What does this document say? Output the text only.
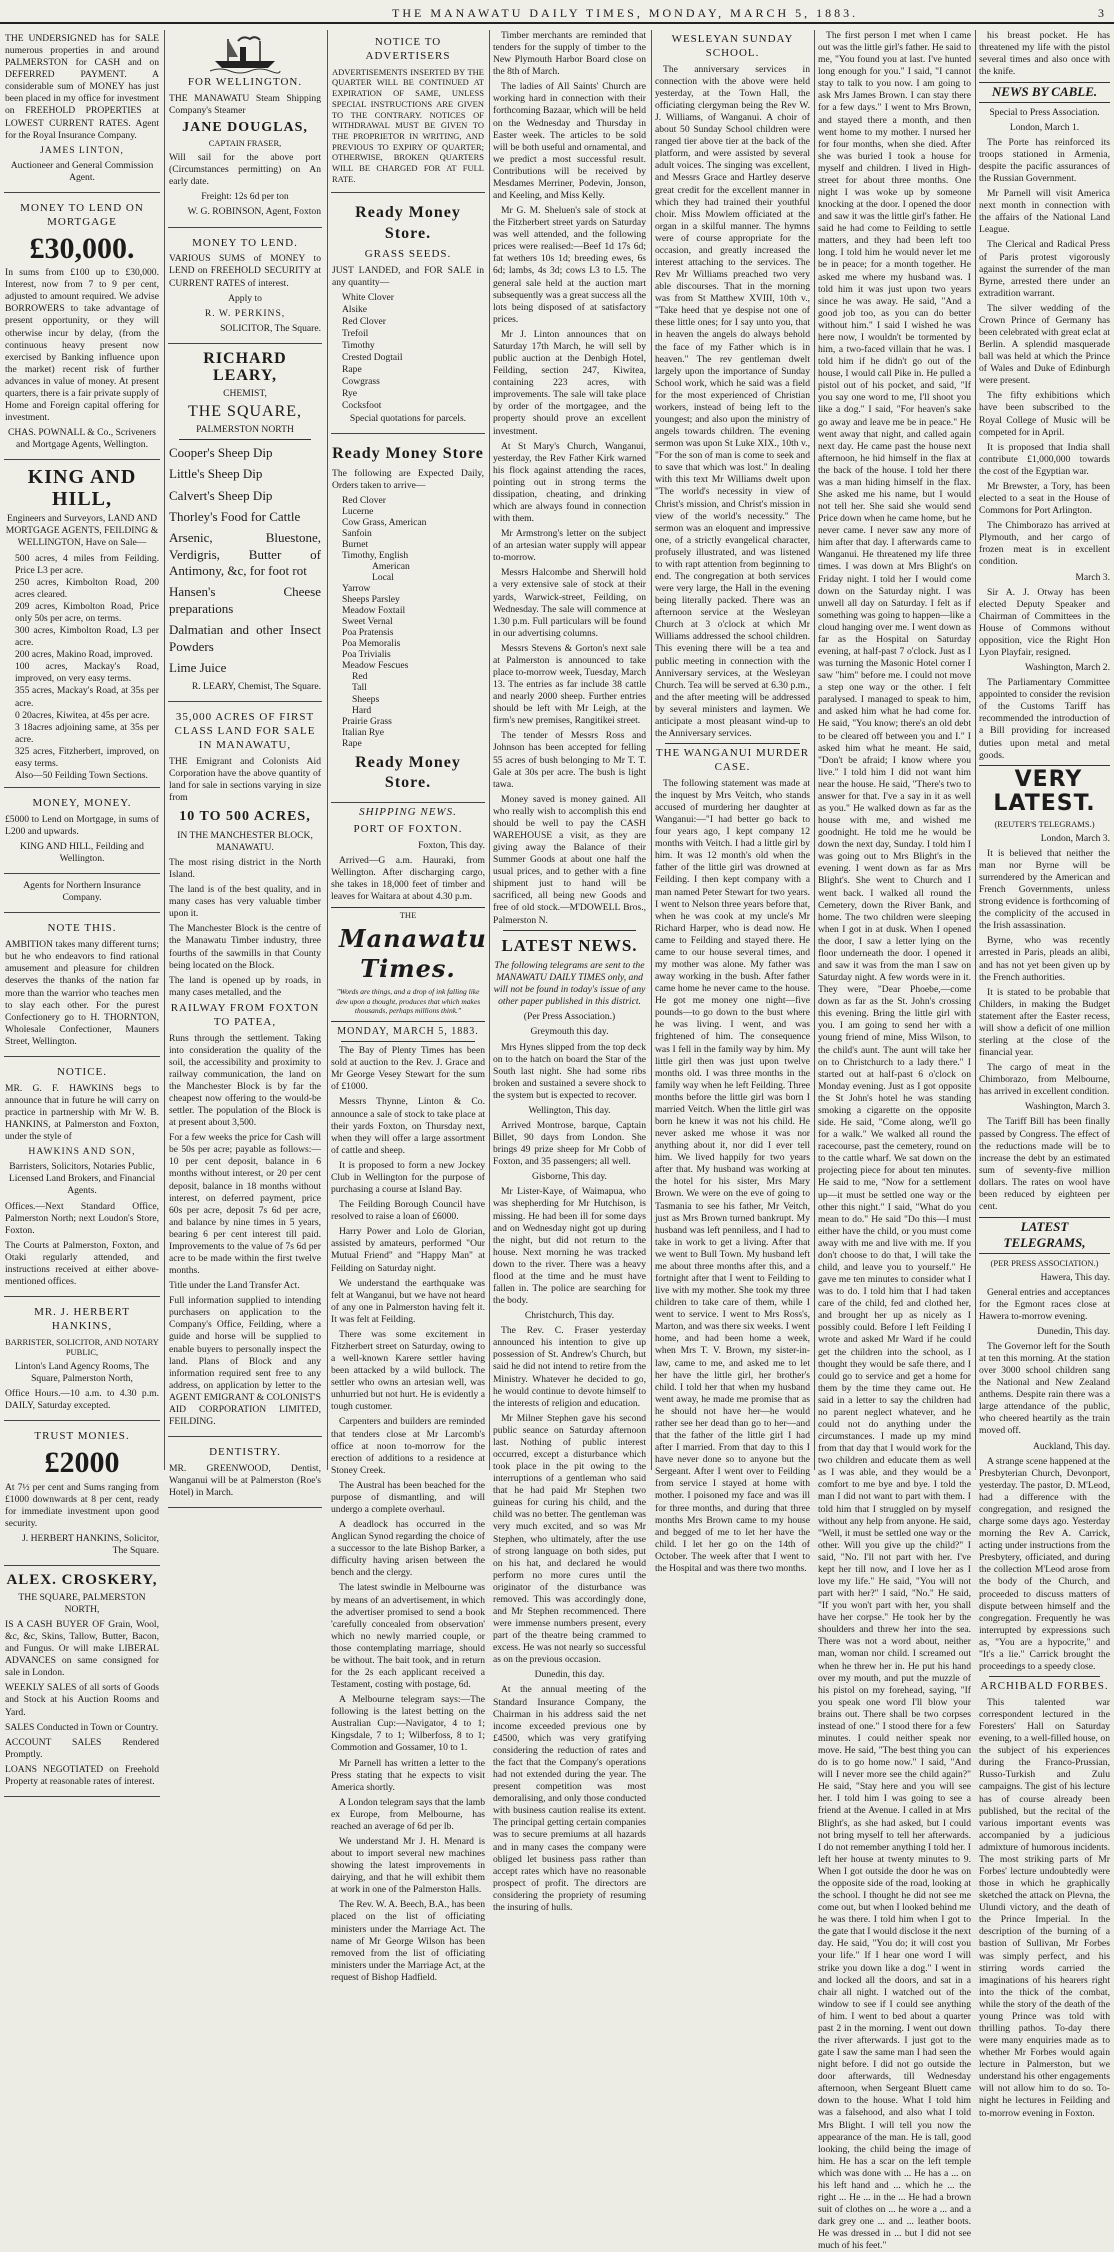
THE MANAWATU DAILY TIMES, MONDAY, MARCH 5, 1883.	3

THE UNDERSIGNED has for SALE numerous properties in and around PALMERSTON for CASH and on DEFERRED PAYMENT. A considerable sum of MONEY has just been placed in my office for investment on FREEHOLD PROPERTIES at LOWEST CURRENT RATES. Agent for the Royal Insurance Company.

JAMES LINTON,

Auctioneer and General Commission Agent.

MONEY TO LEND ON MORTGAGE

£30,000.

In sums from £100 up to £30,000. Interest, now from 7 to 9 per cent, adjusted to amount required. We advise BORROWERS to take advantage of present opportunity, or they will otherwise incur by delay, (from the continuous heavy present now exercised by Banking influence upon the market) recent risk of further advances in value of money. At present quarters, there is a fair private supply of Home and Foreign capital offering for investment.

CHAS. POWNALL & Co., Scriveners and Mortgage Agents, Wellington.

KING AND HILL,

Engineers and Surveyors, LAND AND MORTGAGE AGENTS, FEILDING & WELLINGTON, Have on Sale—

500 acres, 4 miles from Feilding. Price L3 per acre.
250 acres, Kimbolton Road, 200 acres cleared.
209 acres, Kimbolton Road, Price only 50s per acre, on terms.
300 acres, Kimbolton Road, L3 per acre.
200 acres, Makino Road, improved.
100 acres, Mackay's Road, improved, on very easy terms.
355 acres, Mackay's Road, at 35s per acre.
0 20acres, Kiwitea, at 45s per acre.
3 18acres adjoining same, at 35s per acre.
325 acres, Fitzherbert, improved, on easy terms.
Also—50 Feilding Town Sections.

MONEY, MONEY.

£5000 to Lend on Mortgage, in sums of L200 and upwards.

KING AND HILL, Feilding and Wellington.

Agents for Northern Insurance Company.

NOTE THIS.

AMBITION takes many different turns; but he who endeavors to find rational amusement and pleasure for children deserves the thanks of the nation far more than the warrior who teaches men to slay each other. For the purest Confectionery go to H. THORNTON, Wholesale Confectioner, Mauners Street, Wellington.

NOTICE.

MR. G. F. HAWKINS begs to announce that in future he will carry on practice in partnership with Mr W. B. HANKINS, at Palmerston and Foxton, under the style of

HAWKINS AND SON,

Barristers, Solicitors, Notaries Public, Licensed Land Brokers, and Financial Agents.

Offices.—Next Standard Office, Palmerston North; next Loudon's Store, Foxton.

The Courts at Palmerston, Foxton, and Otaki regularly attended, and instructions received at either above-mentioned offices.

MR. J. HERBERT HANKINS,

BARRISTER, SOLICITOR, AND NOTARY PUBLIC,

Linton's Land Agency Rooms, The Square, Palmerston North,

Office Hours.—10 a.m. to 4.30 p.m. DAILY, Saturday excepted.

TRUST MONIES.

£2000

At 7½ per cent and Sums ranging from £1000 downwards at 8 per cent, ready for immediate investment upon good security.

J. HERBERT HANKINS, Solicitor, The Square.

ALEX. CROSKERY,

THE SQUARE, PALMERSTON NORTH,

IS A CASH BUYER OF Grain, Wool, &c, &c, Skins, Tallow, Butter, Bacon, and Fungus. Or will make LIBERAL ADVANCES on same consigned for sale in London.

WEEKLY SALES of all sorts of Goods and Stock at his Auction Rooms and Yard.

SALES Conducted in Town or Country.

ACCOUNT SALES Rendered Promptly.

LOANS NEGOTIATED on Freehold Property at reasonable rates of interest.

FOR WELLINGTON.

THE MANAWATU Steam Shipping Company's Steamer

JANE DOUGLAS,

CAPTAIN FRASER,

Will sail for the above port (Circumstances permitting) on An early date.

Freight: 12s 6d per ton

W. G. ROBINSON, Agent, Foxton

MONEY TO LEND.

VARIOUS SUMS of MONEY to LEND on FREEHOLD SECURITY at CURRENT RATES of interest.

Apply to

R. W. PERKINS,

SOLICITOR, The Square.

RICHARD LEARY,

CHEMIST,

THE SQUARE,

PALMERSTON NORTH

Cooper's Sheep Dip

Little's Sheep Dip

Calvert's Sheep Dip

Thorley's Food for Cattle

Arsenic, Bluestone, Verdigris, Butter of Antimony, &c, for foot rot

Hansen's Cheese preparations

Dalmatian and other Insect Powders

Lime Juice

R. LEARY, Chemist, The Square.

35,000 ACRES OF FIRST CLASS LAND FOR SALE IN MANAWATU,

THE Emigrant and Colonists Aid Corporation have the above quantity of land for sale in sections varying in size from

10 TO 500 ACRES,

IN THE MANCHESTER BLOCK, MANAWATU.

The most rising district in the North Island.

The land is of the best quality, and in many cases has very valuable timber upon it.

The Manchester Block is the centre of the Manawatu Timber industry, three fourths of the sawmills in that County being located on the Block.

The land is opened up by roads, in many cases metalled, and the

RAILWAY FROM FOXTON TO PATEA,

Runs through the settlement. Taking into consideration the quality of the soil, the accessibility and proximity to railway communication, the land on the Manchester Block is by far the cheapest now offering to the would-be settler. The population of the Block is at present about 3,500.

For a few weeks the price for Cash will be 50s per acre; payable as follows:—10 per cent deposit, balance in 6 months without interest, or 20 per cent deposit, balance in 18 months without interest, on deferred payment, price 60s per acre, deposit 7s 6d per acre, and balance by nine times in 5 years, bearing 6 per cent interest till paid. Improvements to the value of 7s 6d per acre to be made within the first twelve months.

Title under the Land Transfer Act.

Full information supplied to intending purchasers on application to the Company's Office, Feilding, where a guide and horse will be supplied to enable buyers to personally inspect the land. Plans of Block and any information required sent free to any address, on application by letter to the AGENT EMIGRANT & COLONIST'S AID CORPORATION LIMITED, FEILDING.

DENTISTRY.

MR. GREENWOOD, Dentist, Wanganui will be at Palmerston (Roe's Hotel) in March.

NOTICE TO ADVERTISERS

ADVERTISEMENTS INSERTED BY THE QUARTER WILL BE CONTINUED AT EXPIRATION OF SAME, UNLESS SPECIAL INSTRUCTIONS ARE GIVEN TO THE CONTRARY. NOTICES OF WITHDRAWAL MUST BE GIVEN TO THE PROPRIETOR IN WRITING, AND PREVIOUS TO EXPIRY OF QUARTER; OTHERWISE, BROKEN QUARTERS WILL BE CHARGED FOR AT FULL RATE.

Ready Money Store.

GRASS SEEDS.

JUST LANDED, and FOR SALE in any quantity—

White Clover
Alsike
Red Clover
Trefoil
Timothy
Crested Dogtail
Rape
Cowgrass
Rye
Cocksfoot

Special quotations for parcels.

Ready Money Store

The following are Expected Daily, Orders taken to arrive—

Red Clover
Lucerne
Cow Grass, American
Sanfoin
Burnet
Timothy, English
American
Local
Yarrow
Sheeps Parsley
Meadow Foxtail
Sweet Vernal
Poa Pratensis
Poa Memoralis
Poa Trivialis
Meadow Fescues
Red
Tall
Sheeps
Hard
Prairie Grass
Italian Rye
Rape

Ready Money Store.

SHIPPING NEWS.

PORT OF FOXTON.

Foxton, This day.

Arrived—G a.m. Hauraki, from Wellington. After discharging cargo, she takes in 18,000 feet of timber and leaves for Waitara at about 4.30 p.m.

THE

Manawatu Times.

"Words are things, and a drop of ink falling like dew upon a thought, produces that which makes thousands, perhaps millions think."

MONDAY, MARCH 5, 1883.

The Bay of Plenty Times has been sold at auction to the Rev. J. Grace and Mr George Vesey Stewart for the sum of £1000.

Messrs Thynne, Linton & Co. announce a sale of stock to take place at their yards Foxton, on Thursday next, when they will offer a large assortment of cattle and sheep.

It is proposed to form a new Jockey Club in Wellington for the purpose of purchasing a course at Island Bay.

The Feilding Borough Council have resolved to raise a loan of £6000.

Harry Power and Lolo de Glorian, assisted by amateurs, performed "Our Mutual Friend" and "Happy Man" at Feilding on Saturday night.

We understand the earthquake was felt at Wanganui, but we have not heard of any one in Palmerston having felt it. It was felt at Feilding.

There was some excitement in Fitzherbert street on Saturday, owing to a well-known Karere settler having been attacked by a wild bullock. The settler who owns an artesian well, was unhurried but not hurt. He is evidently a tough customer.

Carpenters and builders are reminded that tenders close at Mr Larcomb's office at noon to-morrow for the erection of additions to a residence at Stoney Creek.

The Austral has been beached for the purpose of dismantling, and will undergo a complete overhaul.

A deadlock has occurred in the Anglican Synod regarding the choice of a successor to the late Bishop Barker, a difficulty having arisen between the bench and the clergy.

The latest swindle in Melbourne was by means of an advertisement, in which the advertiser promised to send a book 'carefully concealed from observation' which no newly married couple, or those contemplating marriage, should be without. The bait took, and in return for the 2s each applicant received a Testament, costing with postage, 6d.

A Melbourne telegram says:—The following is the latest betting on the Australian Cup:—Navigator, 4 to 1; Kingsdale, 7 to 1; Wilberfoss, 8 to 1; Commotion and Gossamer, 10 to 1.

Mr Parnell has written a letter to the Press stating that he expects to visit America shortly.

A London telegram says that the lamb ex Europe, from Melbourne, has reached an average of 6d per lb.

We understand Mr J. H. Menard is about to import several new machines showing the latest improvements in dairying, and that he will exhibit them at work in one of the Palmerston Halls.

The Rev. W. A. Beech, B.A., has been placed on the list of officiating ministers under the Marriage Act. The name of Mr George Wilson has been removed from the list of officiating ministers under the Marriage Act, at the request of Bishop Hadfield.

Timber merchants are reminded that tenders for the supply of timber to the New Plymouth Harbor Board close on the 8th of March.

The ladies of All Saints' Church are working hard in connection with their forthcoming Bazaar, which will be held on the Wednesday and Thursday in Easter week. The articles to be sold will be both useful and ornamental, and we predict a most successful result. Contributions will be received by Mesdames Merriner, Podevin, Jonson, and Keeling, and Miss Kelly.

Mr G. M. Sheluen's sale of stock at the Fitzherbert street yards on Saturday was well attended, and the following prices were realised:—Beef 1d 17s 6d; fat wethers 10s 1d; breeding ewes, 6s 6d; lambs, 4s 3d; cows L3 to L5. The general sale held at the auction mart subsequently was a great success all the lots being disposed of at satisfactory prices.

Mr J. Linton announces that on Saturday 17th March, he will sell by public auction at the Denbigh Hotel, Feilding, section 247, Kiwitea, containing 223 acres, with improvements. The sale will take place by order of the mortgagee, and the property should prove an excellent investment.

At St Mary's Church, Wanganui, yesterday, the Rev Father Kirk warned his flock against attending the races, pointing out in strong terms the dissipation, cheating, and drinking which are always found in connection with them.

Mr Armstrong's letter on the subject of an artesian water supply will appear to-morrow.

Messrs Halcombe and Sherwill hold a very extensive sale of stock at their yards, Warwick-street, Feilding, on Wednesday. The sale will commence at 1.30 p.m. Full particulars will be found in our advertising columns.

Messrs Stevens & Gorton's next sale at Palmerston is announced to take place to-morrow week, Tuesday, March 13. The entries as far include 38 cattle and nearly 2000 sheep. Further entries should be left with Mr Leigh, at the firm's new premises, Rangitikei street.

The tender of Messrs Ross and Johnson has been accepted for felling 55 acres of bush belonging to Mr T. T. Gale at 30s per acre. The bush is light tawa.

Money saved is money gained. All who really wish to accomplish this end should be well to pay the CASH WAREHOUSE a visit, as they are giving away the Balance of their Summer Goods at about one half the usual prices, and to gether with a fine shipment just to hand will be sacrificed, all being new Goods and free of old stock.—M'DOWELL Bros., Palmerston N.

LATEST NEWS.

The following telegrams are sent to the MANAWATU DAILY TIMES only, and will not be found in today's issue of any other paper published in this district.

(Per Press Association.)

Greymouth this day.

Mrs Hynes slipped from the top deck on to the hatch on board the Star of the South last night. She had some ribs broken and sustained a severe shock to the system but is expected to recover.

Wellington, This day.

Arrived Montrose, barque, Captain Billet, 90 days from London. She brings 49 prize sheep for Mr Cobb of Foxton, and 35 passengers; all well.

Gisborne, This day.

Mr Lister-Kaye, of Waimapua, who was shepherding for Mr Hutchison, is missing. He had been ill for some days and on Wednesday night got up during the night, but did not return to the house. Next morning he was tracked down to the river. There was a heavy flood at the time and he must have fallen in. The police are searching for the body.

Christchurch, This day.

The Rev. C. Fraser yesterday announced his intention to give up possession of St. Andrew's Church, but said he did not intend to retire from the Ministry. Whatever he decided to go, he would continue to devote himself to the interests of religion and education.

Mr Milner Stephen gave his second public seance on Saturday afternoon last. Nothing of public interest occurred, except a disturbance which took place in the pit owing to the interruptions of a gentleman who said that he had paid Mr Stephen two guineas for curing his child, and the child was no better. The gentleman was very much excited, and so was Mr Stephen, who ultimately, after the use of strong language on both sides, put on his hat, and declared he would perform no more cures until the originator of the disturbance was removed. This was accordingly done, and Mr Stephen recommenced. There were immense numbers present, every part of the theatre being crammed to excess. He was not nearly so successful as on the previous occasion.

Dunedin, this day.

At the annual meeting of the Standard Insurance Company, the Chairman in his address said the net income exceeded previous one by £4500, which was very gratifying considering the reduction of rates and the fact that the Company's operations had not extended during the year. The present competition was most demoralising, and only those conducted with business caution realise its extent. The principal getting certain companies was to secure premiums at all hazards and in many cases the company were obliged let business pass rather than accept rates which have no reasonable prospect of profit. The directors are considering the propriety of resuming the insuring of hulls.

WESLEYAN SUNDAY SCHOOL.

The anniversary services in connection with the above were held yesterday, at the Town Hall, the officiating clergyman being the Rev W. J. Williams, of Wanganui. A choir of about 50 Sunday School children were ranged tier above tier at the back of the platform, and were assisted by several adult voices. The singing was excellent, and Messrs Grace and Hartley deserve great credit for the excellent manner in which they had trained their youthful choir. Miss Mowlem officiated at the organ in a skilful manner. The hymns were of course appropriate for the occasion, and greatly increased the interest attaching to the services. The Rev Mr Williams preached two very able discourses. That in the morning was from St Matthew XVIII, 10th v., "Take heed that ye despise not one of these little ones; for I say unto you, that in heaven the angels do always behold the face of my Father which is in heaven." The rev gentleman dwelt largely upon the importance of Sunday School work, which he said was a field for the most experienced of Christian workers, instead of being left to the youngest; and also upon the ministry of angels towards children. The evening sermon was upon St Luke XIX., 10th v., "For the son of man is come to seek and to save that which was lost." In dealing with this text Mr Williams dwelt upon "The world's necessity in view of Christ's mission, and Christ's mission in view of the world's necessity." The sermon was an eloquent and impressive one, of a strictly evangelical character, profusely illustrated, and was listened to with rapt attention from beginning to end. The congregation at both services were very large, the Hall in the evening being literally packed. There was an afternoon service at the Wesleyan Church at 3 o'clock at which Mr Williams addressed the school children. This evening there will be a tea and public meeting in connection with the Anniversary services, at the Wesleyan Church. Tea will be served at 6.30 p.m., and the after meeting will be addressed by several ministers and laymen. We anticipate a most pleasant wind-up to the Anniversary services.

THE WANGANUI MURDER CASE.

The following statement was made at the inquest by Mrs Veitch, who stands accused of murdering her daughter at Wanganui:—"I had better go back to four years ago, I kept company 12 months with Veitch. I had a little girl by him. It was 12 month's old when the father of the little girl was drowned at Feilding. I then kept company with a man named Peter Stewart for two years. I went to Nelson three years before that, when he was cook at my uncle's Mr Richard Harper, who is dead now. He came to Feilding and stayed there. He came to our house several times, and my mother was alone. My father was away working in the bush. After father came home he never came to the house. He got me money one night—five pounds—to go down to the bust where he was living. I went, and was frightened of him. The consequence was I fell in the family way by him. My little girl then was just upon twelve months old. I was three months in the family way when he left Feilding. Three months before the little girl was born I married Veitch. When the little girl was born he knew it was not his child. He never asked me whose it was nor anything about it, nor did I ever tell him. We lived happily for two years after that. My husband was working at the hotel for his sister, Mrs Mary Brown. We were on the eve of going to Tasmania to see his father, Mr Veitch, just as Mrs Brown turned bankrupt. My husband was left penniless, and I had to take in work to get a living. After that we went to Bull Town. My husband left me about three months after this, and a fortnight after that I went to Feilding to live with my mother. She took my three children to take care of them, while I went to service. I went to Mrs Ross's, Marton, and was there six weeks. I went home, and had been home a week, when Mrs T. V. Brown, my sister-in-law, came to me, and asked me to let her have the little girl, her brother's child. I told her that when my husband went away, he made me promise that as he should not have her—he would rather see her dead than go to her—and that the father of the little girl I had after I married. From that day to this I have never done so to anyone but the Sergeant. After I went over to Feilding from service I stayed at home with mother. I poisoned my face and was ill for three months, and during that three months Mrs Brown came to my house and begged of me to let her have the child. I let her go on the 14th of October. The week after that I went to the Hospital and was there two months.

The first person I met when I came out was the little girl's father. He said to me, "You found you at last. I've hunted long enough for you." I said, "I cannot stay to talk to you now. I am going to ask Mrs James Brown. I can stay there for a few days." I went to Mrs Brown, and stayed there a month, and then went home to my mother. I nursed her for four months, when she died. After she was buried I took a house for myself and children. I lived in High-street for about three months. One night I was woke up by someone knocking at the door. I opened the door and saw it was the little girl's father. He said he had come to Feilding to settle matters, and they had been left too long. I told him he would never let me be in peace; for a month together. He asked me where my husband was. I told him it was just upon two years since he was away. He said, "And a good job too, as you can do better without him." I said I wished he was here now, I wouldn't be tormented by him, a two-faced villain that he was. I told him if he didn't go out of the house, I would call Pike in. He pulled a pistol out of his pocket, and said, "If you say one word to me, I'll shoot you like a dog." I said, "For heaven's sake go away and leave me be in peace." He went away that night, and called again next day. He came past the house next afternoon, he hid himself in the flax at the back of the house. I told her there was a man hiding himself in the flax. She asked me his name, but I would not tell her. She said she would send Price down when he came home, but he never came. I never saw any more of him after that day. I afterwards came to Wanganui. He threatened my life three times. I was down at Mrs Blight's on Friday night. I told her I would come down on the Saturday night. I was unwell all day on Saturday. I felt as if something was going to happen—like a cloud hanging over me. I went down as far as the Hospital on Saturday evening, at half-past 7 o'clock. Just as I was turning the Masonic Hotel corner I saw "him" before me. I could not move a step one way or the other. I felt paralysed. I managed to speak to him, and asked him what he had come for. He said, "You know; there's an old debt to be cleared off between you and I." I asked him what he meant. He said, "Don't be afraid; I know where you live." I told him I did not want him near the house. He said, "There's two to answer for that. I've a say in it as well as you." He walked down as far as the house with me, and wished me goodnight. He told me he would be down the next day, Sunday. I told him I was going out to Mrs Blight's in the evening. I went down as far as Mrs Blight's. She went to Church and I went back. I walked all round the Cemetery, down the River Bank, and home. The two children were sleeping when I got in at dusk. When I opened the door, I saw a letter lying on the floor underneath the door. I opened it and saw it was from the man I saw on Saturday night. A few words were in it. They were, "Dear Phoebe,—come down as far as the St. John's crossing this evening. Bring the little girl with you. I am going to send her with a young friend of mine, Miss Wilson, to the child's aunt. The aunt will take her on to Christchurch to a lady there." I started out at half-past 6 o'clock on Monday evening. Just as I got opposite the St John's hotel he was standing smoking a cigarette on the opposite side. He said, "Come along, we'll go for a walk." We walked all round the racecourse, past the cemetery, round on to the cattle wharf. We sat down on the projecting piece for about ten minutes. He said to me, "Now for a settlement up—it must be settled one way or the other this night." I said, "What do you mean to do." He said "Do this—I must either have the child, or you must come away with me and live with me. If you don't choose to do that, I will take the child, and leave you to yourself." He gave me ten minutes to consider what I was to do. I told him that I had taken care of the child, fed and clothed her, and brought her up as nicely as I possibly could. Before I left Feilding I wrote and asked Mr Ward if he could get the children into the school, as I thought they would be safe there, and I could go to service and get a home for them by the time they came out. He said in a letter to say the children had no parent neglect whatever, and he could not do anything under the circumstances. I made up my mind from that day that I would work for the two children and educate them as well as I was able, and they would be a comfort to me bye and bye. I told the man I did not want to part with them. I told him that I struggled on by myself without any help from anyone. He said, "Well, it must be settled one way or the other. Will you give up the child?" I said, "No. I'll not part with her. I've kept her till now, and I love her as I love my life." He said, "You will not part with her?" I said, "No." He said, "If you won't part with her, you shall have her corpse." He took her by the shoulders and threw her into the sea. There was not a word about, neither man, woman nor child. I screamed out when he threw her in. He put his hand over my mouth, and put the muzzle of his pistol on my forehead, saying, "If you speak one word I'll blow your brains out. There shall be two corpses instead of one." I stood there for a few minutes. I could neither speak nor move. He said, "The best thing you can do is to go home now." I said, "And will I never more see the child again?" He said, "Stay here and you will see her. I told him I was going to see a friend at the Avenue. I called in at Mrs Blight's, as she had asked, but I could not bring myself to tell her afterwards. I do not remember anything I told her. I left her house at twenty minutes to 9. When I got outside the door he was on the opposite side of the road, looking at the school. I thought he did not see me come out, but when I looked behind me he was there. I told him when I got to the gate that I would disclose it the next day. He said, "You do; it will cost you your life." If I hear one word I will strike you down like a dog." I went in and locked all the doors, and sat in a chair all night. I watched out of the window to see if I could see anything of him. I went to bed about a quarter past 2 in the morning. I went out down the river afterwards. I just got to the gate I saw the same man I had seen the night before. I did not go outside the door afterwards, till Wednesday afternoon, when Sergeant Bluett came down to the house. What I told him was a falsehood, and also what I told Mrs Blight. I will tell you now the appearance of the man. He is tall, good looking, the child being the image of him. He has a scar on the left temple which was done with ... He has a ... on his left hand and ... which he ... the right ... He ... in the ... He had a brown suit of clothes on ... he wore a ... and a dark grey one ... and ... leather boots. He was dressed in ... but I did not see much of his feet."

his breast pocket. He has threatened my life with the pistol several times and also once with the knife.

NEWS BY CABLE.

Special to Press Association.

London, March 1.

The Porte has reinforced its troops stationed in Armenia, despite the pacific assurances of the Russian Government.

Mr Parnell will visit America next month in connection with the affairs of the National Land League.

The Clerical and Radical Press of Paris protest vigorously against the surrender of the man Byrne, arrested there under an extradition warrant.

The silver wedding of the Crown Prince of Germany has been celebrated with great eclat at Berlin. A splendid masquerade ball was held at which the Prince of Wales and Duke of Edinburgh were present.

The fifty exhibitions which have been subscribed to the Royal College of Music will be competed for in April.

It is proposed that India shall contribute £1,000,000 towards the cost of the Egyptian war.

Mr Brewster, a Tory, has been elected to a seat in the House of Commons for Port Arlington.

The Chimborazo has arrived at Plymouth, and her cargo of frozen meat is in excellent condition.

March 3.

Sir A. J. Otway has been elected Deputy Speaker and Chairman of Committees in the House of Commons without opposition, vice the Right Hon Lyon Playfair, resigned.

Washington, March 2.

The Parliamentary Committee appointed to consider the revision of the Customs Tariff has recommended the introduction of a Bill providing for increased duties upon metal and metal goods.

VERY LATEST.

(REUTER'S TELEGRAMS.)

London, March 3.

It is believed that neither the man nor Byrne will be surrendered by the American and French Governments, unless strong evidence is forthcoming of the complicity of the accused in the Irish assassination.

Byrne, who was recently arrested in Paris, pleads an alibi, and has not yet been given up by the French authorities.

It is stated to be probable that Childers, in making the Budget statement after the Easter recess, will show a deficit of one million sterling at the close of the financial year.

The cargo of meat in the Chimborazo, from Melbourne, has arrived in excellent condition.

Washington, March 3.

The Tariff Bill has been finally passed by Congress. The effect of the reductions made will be to increase the debt by an estimated sum of seventy-five million dollars. The rates on wool have been reduced by eighteen per cent.

LATEST TELEGRAMS,

(PER PRESS ASSOCIATION.)

Hawera, This day.

General entries and acceptances for the Egmont races close at Hawera to-morrow evening.

Dunedin, This day.

The Governor left for the South at ten this morning. At the station over 3000 school children sang the National and New Zealand anthems. Despite rain there was a large attendance of the public, who cheered heartily as the train moved off.

Auckland, This day.

A strange scene happened at the Presbyterian Church, Devonport, yesterday. The pastor, D. M'Leod, had a difference with the congregation, and resigned the charge some days ago. Yesterday morning the Rev A. Carrick, acting under instructions from the Presbytery, officiated, and during the collection M'Leod arose from the body of the Church, and proceeded to discuss matters of dispute between himself and the congregation. Frequently he was interrupted by expressions such as, "You are a hypocrite," and "It's a lie." Carrick brought the proceedings to a speedy close.

ARCHIBALD FORBES.

This talented war correspondent lectured in the Foresters' Hall on Saturday evening, to a well-filled house, on the subject of his experiences during the Franco-Prussian, Russo-Turkish and Zulu campaigns. The gist of his lecture has of course already been published, but the recital of the various important events was accompanied by a judicious admixture of humorous incidents. The most striking parts of Mr Forbes' lecture undoubtedly were those in which he graphically sketched the attack on Plevna, the Ulundi victory, and the death of the Prince Imperial. In the description of the burning of a bastion of Sullivan, Mr Forbes was simply perfect, and his stirring words carried the imaginations of his hearers right into the thick of the combat, while the story of the death of the young Prince was told with thrilling pathos. To-day there were many enquiries made as to whether Mr Forbes would again lecture in Palmerston, but we understand his other engagements will not allow him to do so. To-night he lectures in Feilding and to-morrow evening in Foxton.
